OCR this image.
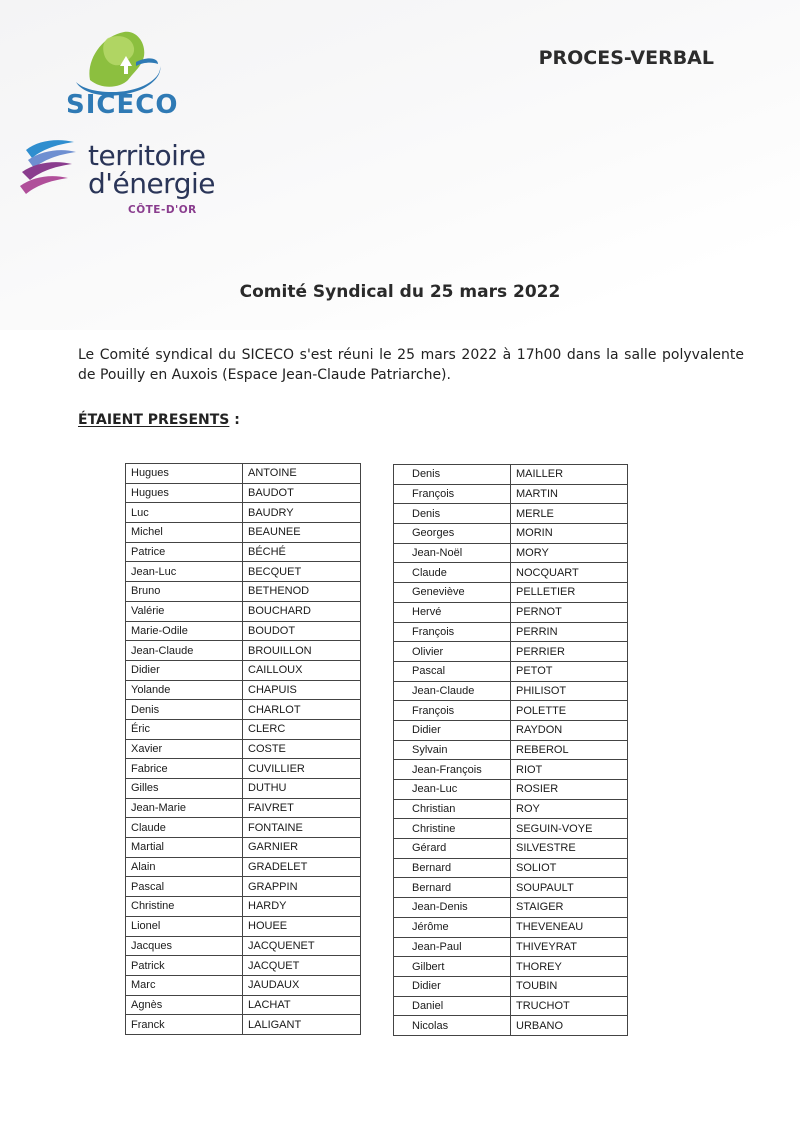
SICECO
territoire
d'énergie
CÔTE-D'OR
PROCES-VERBAL
Comité Syndical du 25 mars 2022

Le Comité syndical du SICECO s'est réuni le 25 mars 2022 à 17h00 dans la salle polyvalente de Pouilly en Auxois (Espace Jean-Claude Patriarche).

ÉTAIENT PRESENTS :
Hugues	ANTOINE
Hugues	BAUDOT
Luc	BAUDRY
Michel	BEAUNEE
Patrice	BÉCHÉ
Jean-Luc	BECQUET
Bruno	BETHENOD
Valérie	BOUCHARD
Marie-Odile	BOUDOT
Jean-Claude	BROUILLON
Didier	CAILLOUX
Yolande	CHAPUIS
Denis	CHARLOT
Éric	CLERC
Xavier	COSTE
Fabrice	CUVILLIER
Gilles	DUTHU
Jean-Marie	FAIVRET
Claude	FONTAINE
Martial	GARNIER
Alain	GRADELET
Pascal	GRAPPIN
Christine	HARDY
Lionel	HOUEE
Jacques	JACQUENET
Patrick	JACQUET
Marc	JAUDAUX
Agnès	LACHAT
Franck	LALIGANT
Denis	MAILLER
François	MARTIN
Denis	MERLE
Georges	MORIN
Jean-Noël	MORY
Claude	NOCQUART
Geneviève	PELLETIER
Hervé	PERNOT
François	PERRIN
Olivier	PERRIER
Pascal	PETOT
Jean-Claude	PHILISOT
François	POLETTE
Didier	RAYDON
Sylvain	REBEROL
Jean-François	RIOT
Jean-Luc	ROSIER
Christian	ROY
Christine	SEGUIN-VOYE
Gérard	SILVESTRE
Bernard	SOLIOT
Bernard	SOUPAULT
Jean-Denis	STAIGER
Jérôme	THEVENEAU
Jean-Paul	THIVEYRAT
Gilbert	THOREY
Didier	TOUBIN
Daniel	TRUCHOT
Nicolas	URBANO
